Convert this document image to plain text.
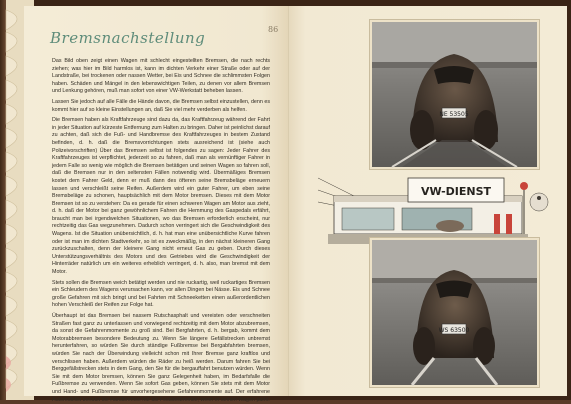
Bremsnachstellung	86

Das Bild oben zeigt einen Wagen mit schlecht eingestellten Bremsen, die nach rechts ziehen; was hier im Bild harmlos ist, kann im dichten Verkehr einer Straße oder auf der Landstraße, bei trockenen oder nassen Wetter, bei Eis und Schnee die schlimmsten Folgen haben. Schäden und Mängel in den lebenswichtigen Teilen, zu denen vor allem Bremsen und Lenkung gehören, muß man sofort von einer VW-Werkstatt beheben lassen.

Lassen Sie jedoch auf alle Fälle die Hände davon, die Bremsen selbst einzustellen, denn es kommt hier auf so kleine Einstellungen an, daß Sie viel mehr verderben als helfen.

Die Bremsen haben als Kraftfahrzeuge sind dazu da, das Kraftfahrzeug während der Fahrt in jeder Situation auf kürzeste Entfernung zum Halten zu bringen. Daher ist peinlichst darauf zu achten, daß sich die Fuß- und Handbremse des Kraftfahrzeuges in bestem Zustand befinden, d. h. daß die Bremsvorrichtungen stets ausreichend ist (siehe auch Polizeivorschriften) Über das Bremsen selbst ist folgendes zu sagen: Jeder Fahrer des Kraftfahrzeuges ist verpflichtet, jederzeit so zu fahren, daß man als vernünftiger Fahrer in jedem Falle so wenig wie möglich die Bremsen betätigen und seinen Wagen so fahren soll, daß die Bremsen nur in den seltensten Fällen notwendig wird. Übermäßiges Bremsen kostet dem Fahrer Geld, denn er muß dann des öfteren seine Bremsbeläge erneuern lassen und verschleißt seine Reifen. Außerdem wird ein guter Fahrer, um eben seine Bremsbeläge zu schonen, hauptsächlich mit dem Motor bremsen. Dieses mit dem Motor Bremsen ist so zu verstehen: Da es gerade für einen schweren Wagen am Motor aus zieht, d. h. daß der Motor bei ganz gewöhnlichem Fahren die Hemmung des Gaspedals erfährt, braucht man bei irgendwelchen Situationen, wo das Bremsen erforderlich erscheint, nur rechtzeitig das Gas wegzunehmen. Dadurch schon verringert sich die Geschwindigkeit des Wagens. Ist die Situation unübersichtlich, d. h. hat man eine unübersichtliche Kurve fahren oder ist man im dichten Stadtverkehr, so ist es zweckmäßig, in den nächst kleineren Gang zurückzuschalten, denn der kleinere Gang nicht erneut Gas zu geben. Durch dieses Unterstützungsverhältnis des Motors und des Getriebes wird die Geschwindigkeit der Hinterräder natürlich um ein weiteres erheblich verringert, d. h. also, man bremst mit dem Motor.

Stets sollen die Bremsen weich betätigt werden und nie ruckartig, weil ruckartiges Bremsen ein Schleudern des Wagens verursachen kann, vor allen Dingen bei Nässe. Eis und Schnee große Gefahren mit sich bringt und bei Fahrten mit Schneeketten einen außerordentlichen hohen Verschleiß der Reifen zur Folge hat.

Überhaupt ist das Bremsen bei nassem Rutschasphalt und vereisten oder verschneiten Straßen fast ganz zu unterlassen und vorwiegend rechtzeitig mit dem Motor abzubremsen, da sonst die Gefahrenmomente zu groß sind. Bei Bergfahrten, d. h. bergab, kommt dem Motorabbremsen besondere Bedeutung zu. Wenn Sie längere Gefällstrecken unbremst herunterfahren, so würden Sie durch ständige Fußbremse bei Bergabfahrten bremsen, würden Sie nach der Überwindung vielleicht schon mit Ihrer Bremse ganz kraftlos und verschlissen haben. Außerdem würden die Räder zu heiß werden. Darum fahren Sie bei Berggefällstrecken stets in dem Gang, den Sie für die bergauffahrt benutzen würden. Wenn Sie mit dem Motor bremsen, können Sie ganz Gelegenheit haben, im Bedarfsfalle die Fußbremse zu verwenden. Wenn Sie sofort Gas geben, können Sie stets mit dem Motor und Hand- und Fußbremse für unvorhergesehene Gefahrenmomente auf. Der erfahrene Automobilist benutzt die Handbremse nur als Feststellbremse, wenn er seinen Wagen parkt.

NE 53505
VW-DIENST
WS 63500
